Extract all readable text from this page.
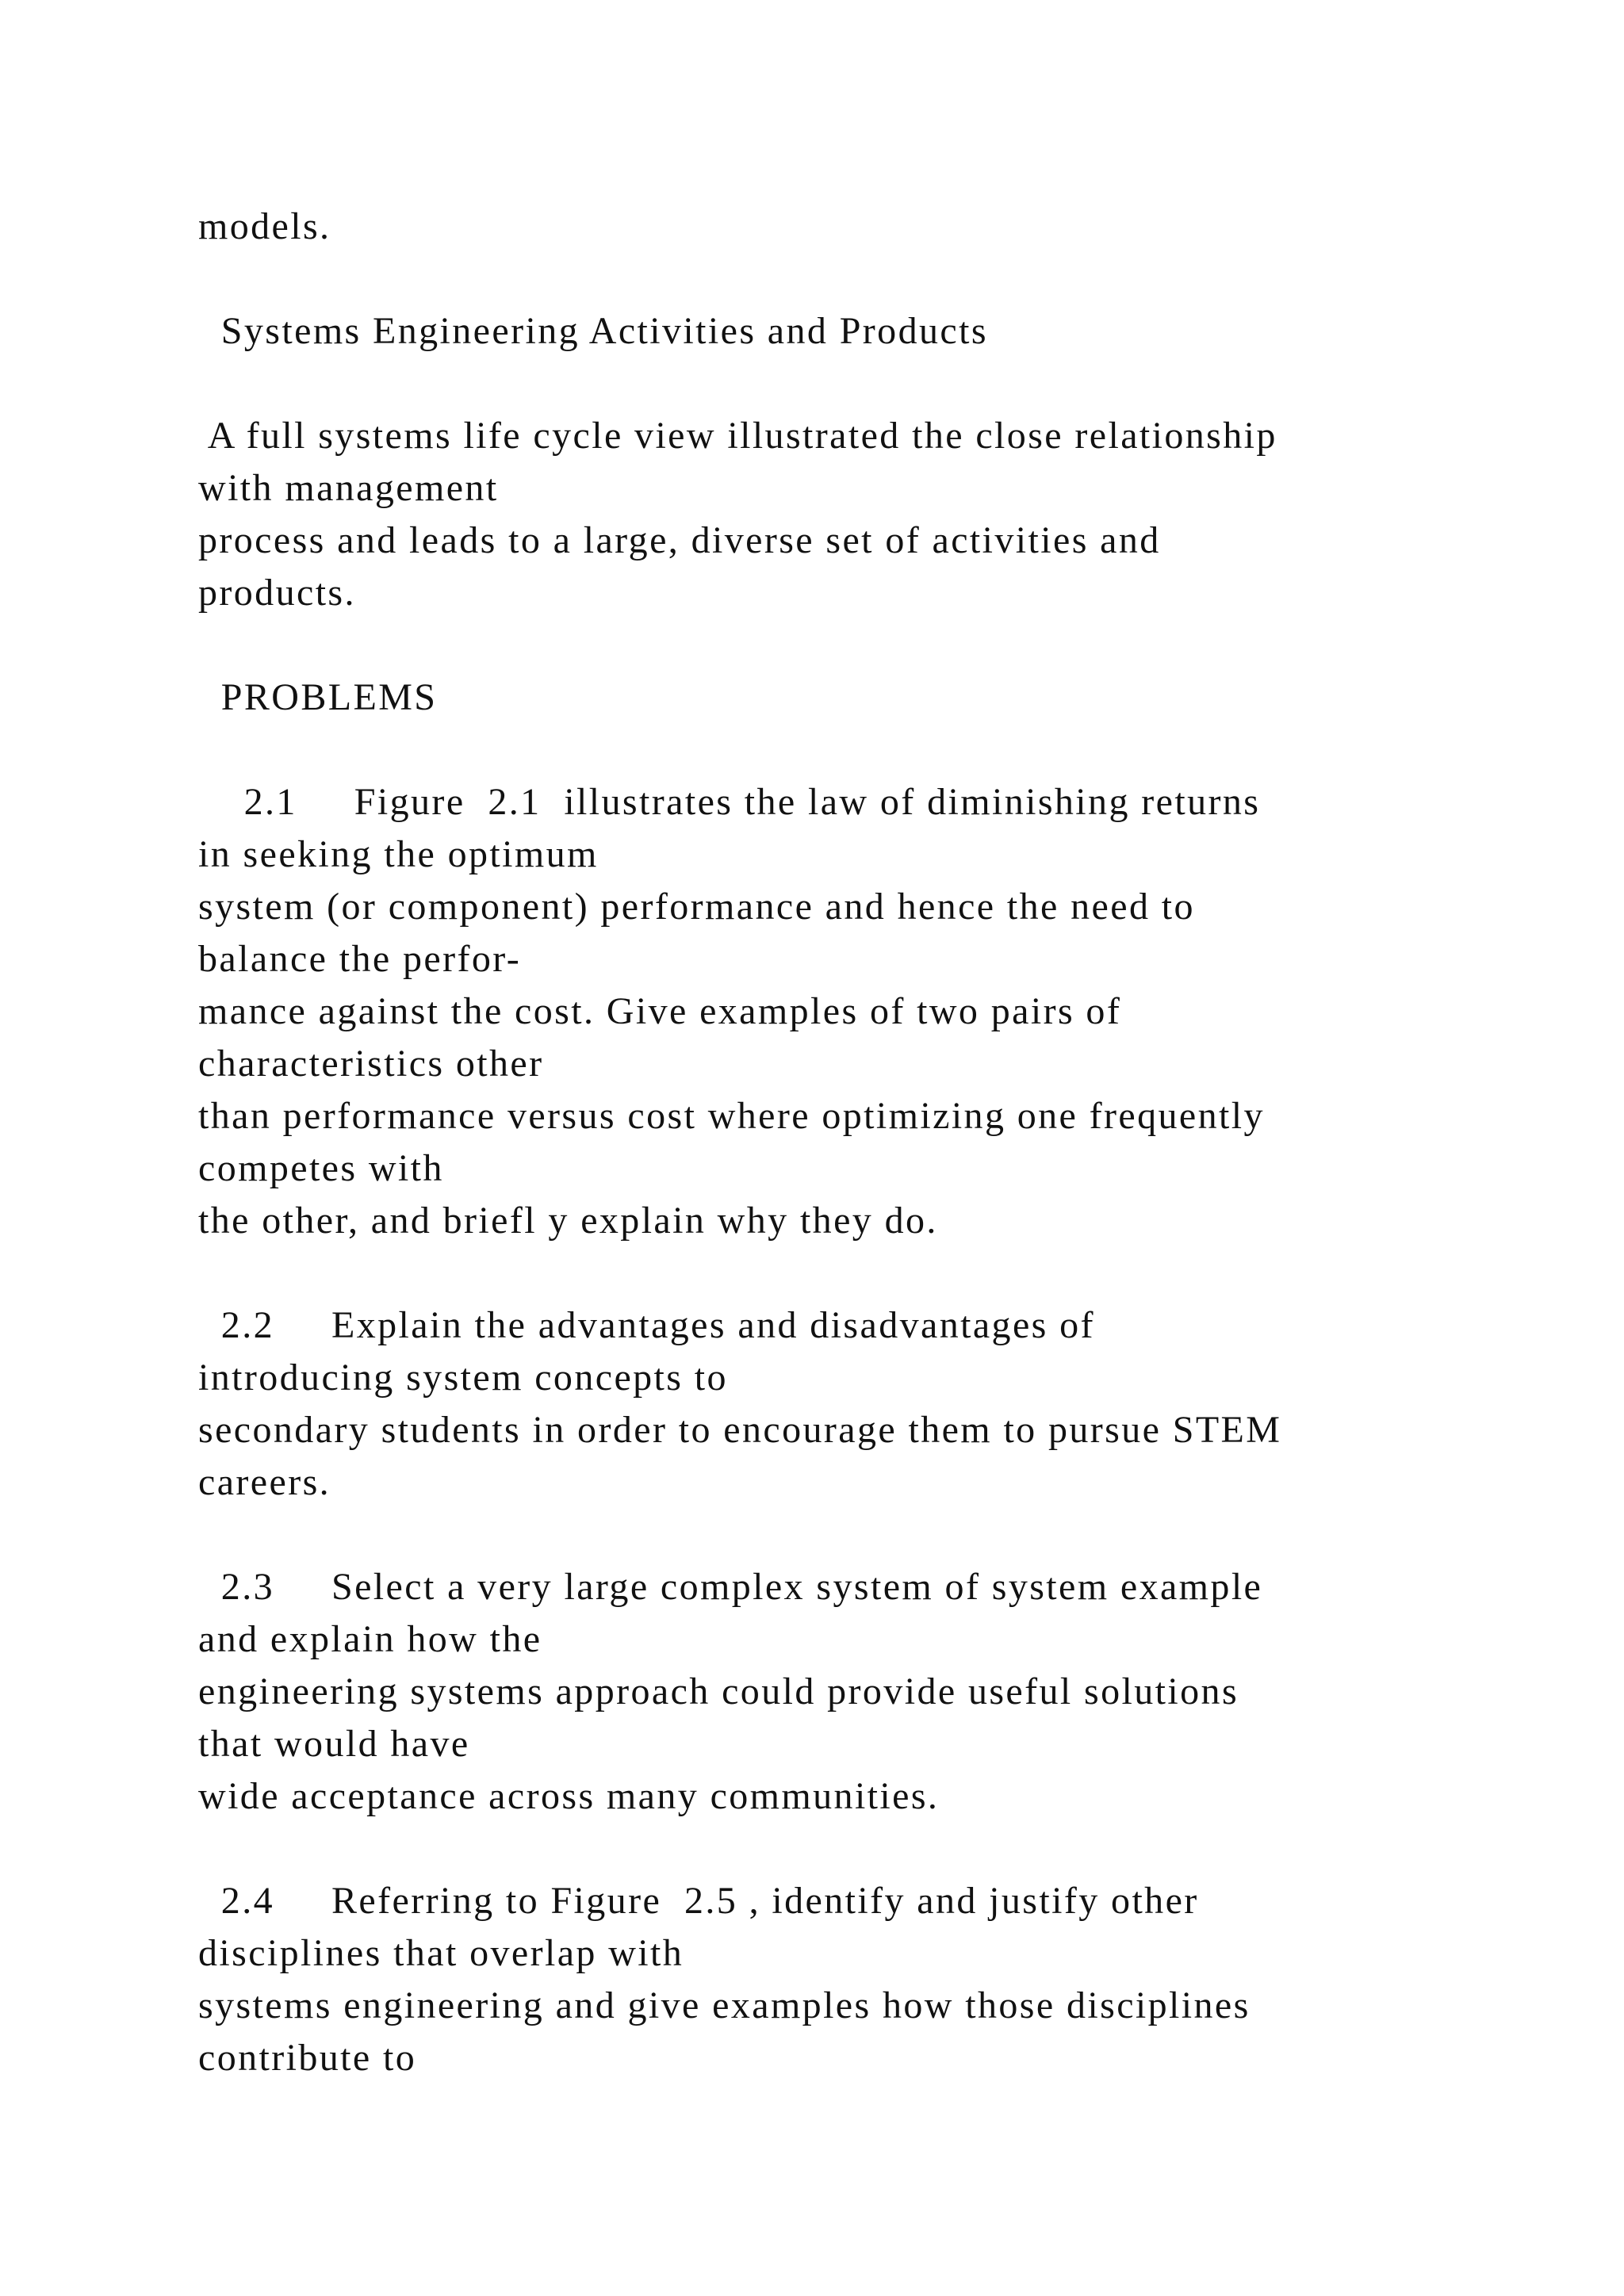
models.
Systems Engineering Activities and Products
A full systems life cycle view illustrated the close relationship
with management
process and leads to a large, diverse set of activities and
products.
PROBLEMS
2.1     Figure  2.1  illustrates the law of diminishing returns
in seeking the optimum
system (or component) performance and hence the need to
balance the perfor-
mance against the cost. Give examples of two pairs of
characteristics other
than performance versus cost where optimizing one frequently
competes with
the other, and briefl y explain why they do.
2.2     Explain the advantages and disadvantages of
introducing system concepts to
secondary students in order to encourage them to pursue STEM
careers.
2.3     Select a very large complex system of system example
and explain how the
engineering systems approach could provide useful solutions
that would have
wide acceptance across many communities.
2.4     Referring to Figure  2.5 , identify and justify other
disciplines that overlap with
systems engineering and give examples how those disciplines
contribute to
